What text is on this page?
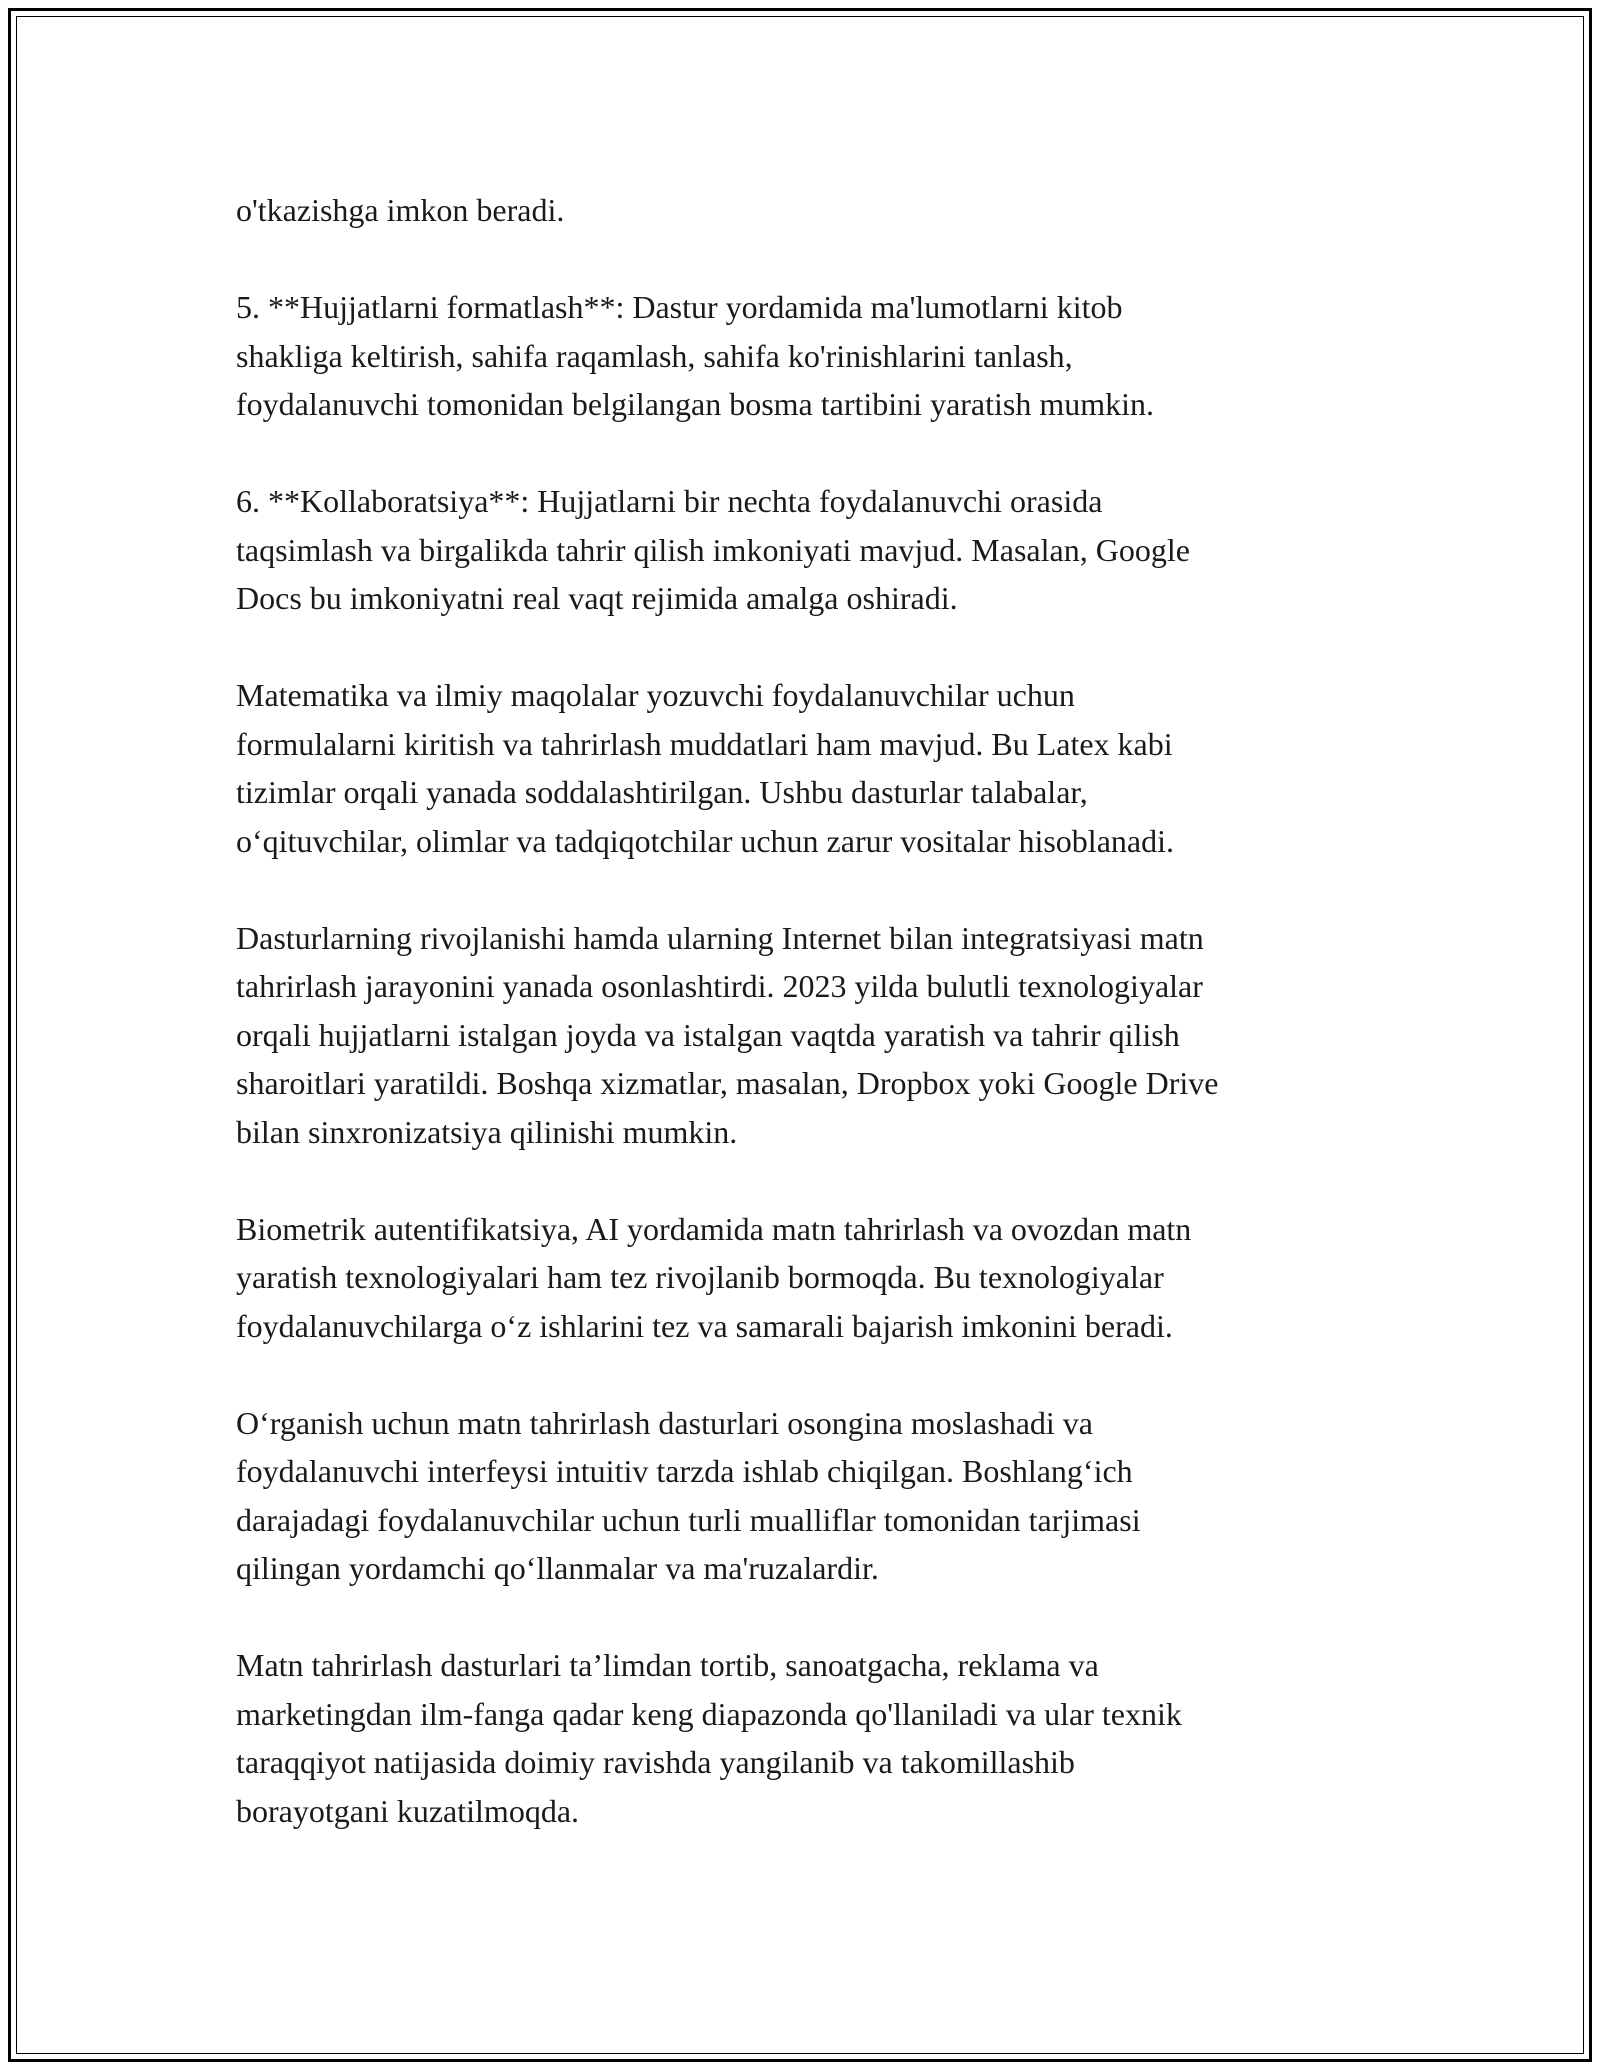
o'tkazishga imkon beradi.

5. **Hujjatlarni formatlash**: Dastur yordamida ma'lumotlarni kitob
shakliga keltirish, sahifa raqamlash, sahifa ko'rinishlarini tanlash,
foydalanuvchi tomonidan belgilangan bosma tartibini yaratish mumkin.

6. **Kollaboratsiya**: Hujjatlarni bir nechta foydalanuvchi orasida
taqsimlash va birgalikda tahrir qilish imkoniyati mavjud. Masalan, Google
Docs bu imkoniyatni real vaqt rejimida amalga oshiradi.

Matematika va ilmiy maqolalar yozuvchi foydalanuvchilar uchun
formulalarni kiritish va tahrirlash muddatlari ham mavjud. Bu Latex kabi
tizimlar orqali yanada soddalashtirilgan. Ushbu dasturlar talabalar,
o‘qituvchilar, olimlar va tadqiqotchilar uchun zarur vositalar hisoblanadi.

Dasturlarning rivojlanishi hamda ularning Internet bilan integratsiyasi matn
tahrirlash jarayonini yanada osonlashtirdi. 2023 yilda bulutli texnologiyalar
orqali hujjatlarni istalgan joyda va istalgan vaqtda yaratish va tahrir qilish
sharoitlari yaratildi. Boshqa xizmatlar, masalan, Dropbox yoki Google Drive
bilan sinxronizatsiya qilinishi mumkin.

Biometrik autentifikatsiya, AI yordamida matn tahrirlash va ovozdan matn
yaratish texnologiyalari ham tez rivojlanib bormoqda. Bu texnologiyalar
foydalanuvchilarga o‘z ishlarini tez va samarali bajarish imkonini beradi.

O‘rganish uchun matn tahrirlash dasturlari osongina moslashadi va
foydalanuvchi interfeysi intuitiv tarzda ishlab chiqilgan. Boshlang‘ich
darajadagi foydalanuvchilar uchun turli mualliflar tomonidan tarjimasi
qilingan yordamchi qo‘llanmalar va ma'ruzalardir.

Matn tahrirlash dasturlari ta’limdan tortib, sanoatgacha, reklama va
marketingdan ilm-fanga qadar keng diapazonda qo'llaniladi va ular texnik
taraqqiyot natijasida doimiy ravishda yangilanib va takomillashib
borayotgani kuzatilmoqda.
